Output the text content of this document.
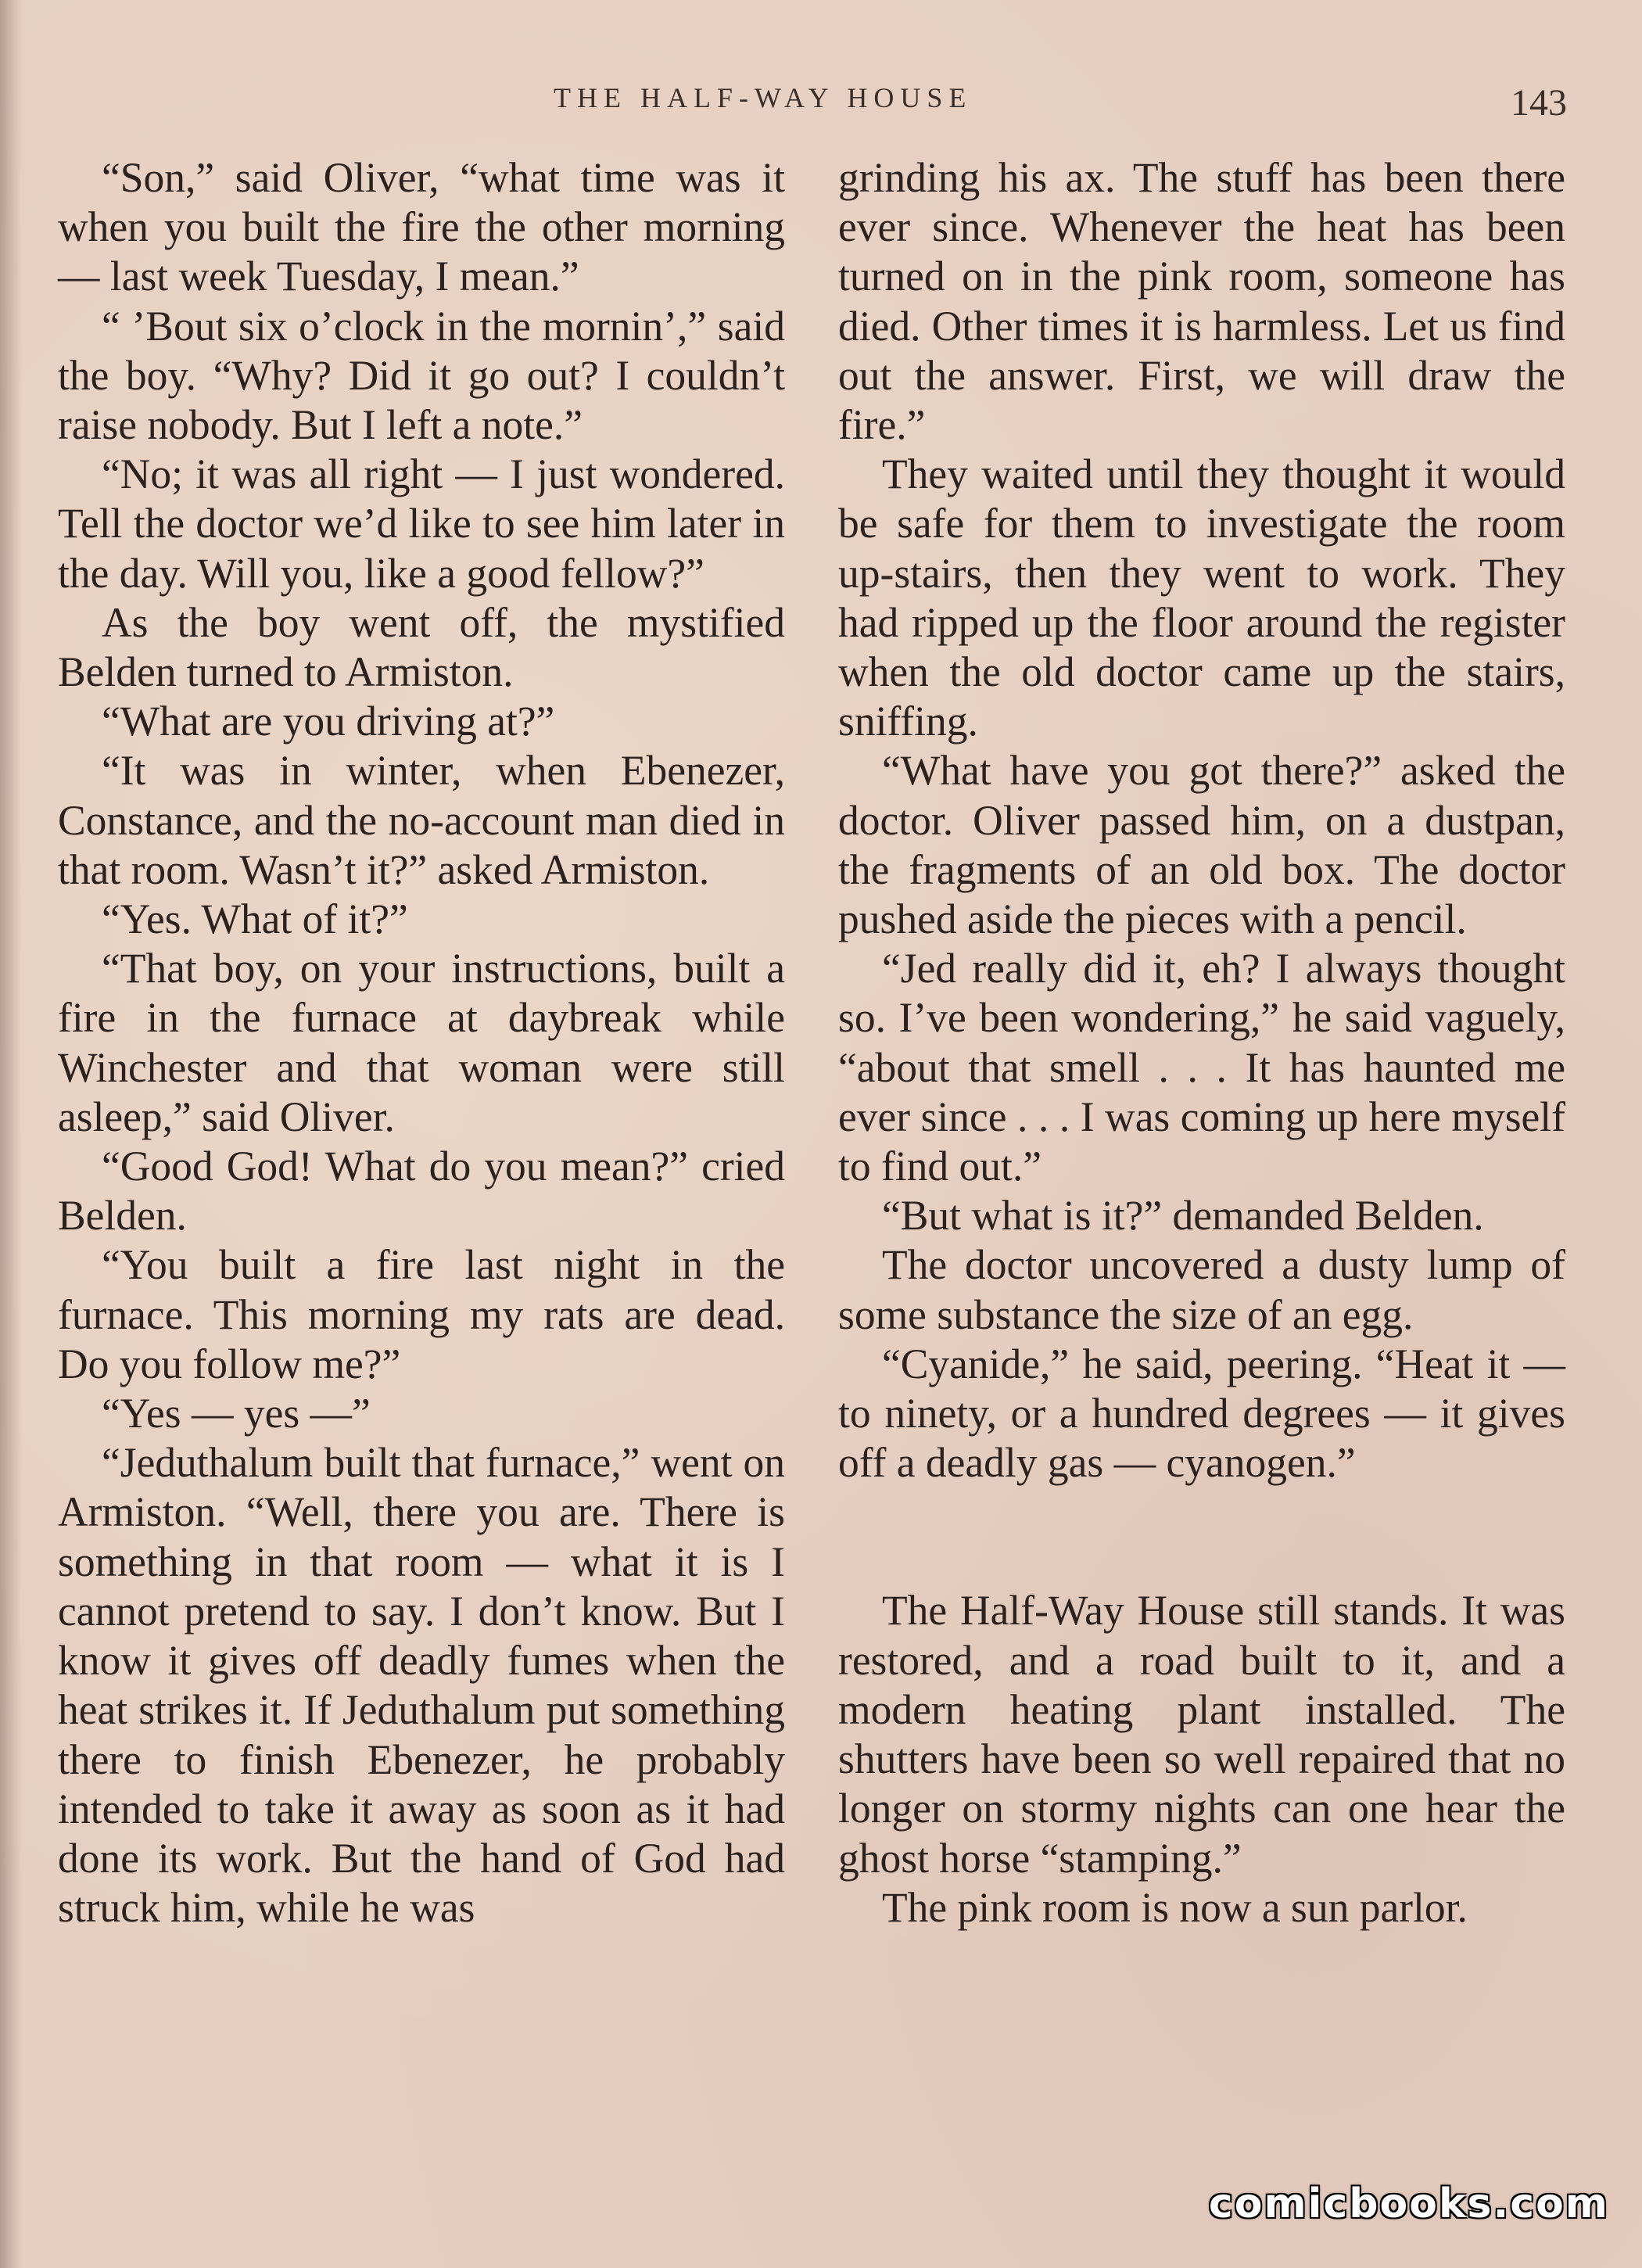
THE HALF-WAY HOUSE	143

“Son,” said Oliver, “what time was it when you built the fire the other morning — last week Tuesday, I mean.”

“ ’Bout six o’clock in the mornin’,” said the boy. “Why? Did it go out? I couldn’t raise nobody. But I left a note.”

“No; it was all right — I just wondered. Tell the doctor we’d like to see him later in the day. Will you, like a good fellow?”

As the boy went off, the mystified Belden turned to Armiston.

“What are you driving at?”

“It was in winter, when Ebenezer, Constance, and the no-account man died in that room. Wasn’t it?” asked Armiston.

“Yes. What of it?”

“That boy, on your instructions, built a fire in the furnace at daybreak while Winchester and that woman were still asleep,” said Oliver.

“Good God! What do you mean?” cried Belden.

“You built a fire last night in the furnace. This morning my rats are dead. Do you follow me?”

“Yes — yes —”

“Jeduthalum built that furnace,” went on Armiston. “Well, there you are. There is something in that room — what it is I cannot pretend to say. I don’t know. But I know it gives off deadly fumes when the heat strikes it. If Jeduthalum put something there to finish Ebenezer, he probably intended to take it away as soon as it had done its work. But the hand of God had struck him, while he was

grinding his ax. The stuff has been there ever since. Whenever the heat has been turned on in the pink room, someone has died. Other times it is harmless. Let us find out the answer. First, we will draw the fire.”

They waited until they thought it would be safe for them to investigate the room up-stairs, then they went to work. They had ripped up the floor around the register when the old doctor came up the stairs, sniffing.

“What have you got there?” asked the doctor. Oliver passed him, on a dustpan, the fragments of an old box. The doctor pushed aside the pieces with a pencil.

“Jed really did it, eh? I always thought so. I’ve been wondering,” he said vaguely, “about that smell . . . It has haunted me ever since . . . I was coming up here myself to find out.”

“But what is it?” demanded Belden.

The doctor uncovered a dusty lump of some substance the size of an egg.

“Cyanide,” he said, peering. “Heat it — to ninety, or a hundred degrees — it gives off a deadly gas — cyanogen.”

The Half-Way House still stands. It was restored, and a road built to it, and a modern heating plant installed. The shutters have been so well repaired that no longer on stormy nights can one hear the ghost horse “stamping.”

The pink room is now a sun parlor.

comicbooks.com
